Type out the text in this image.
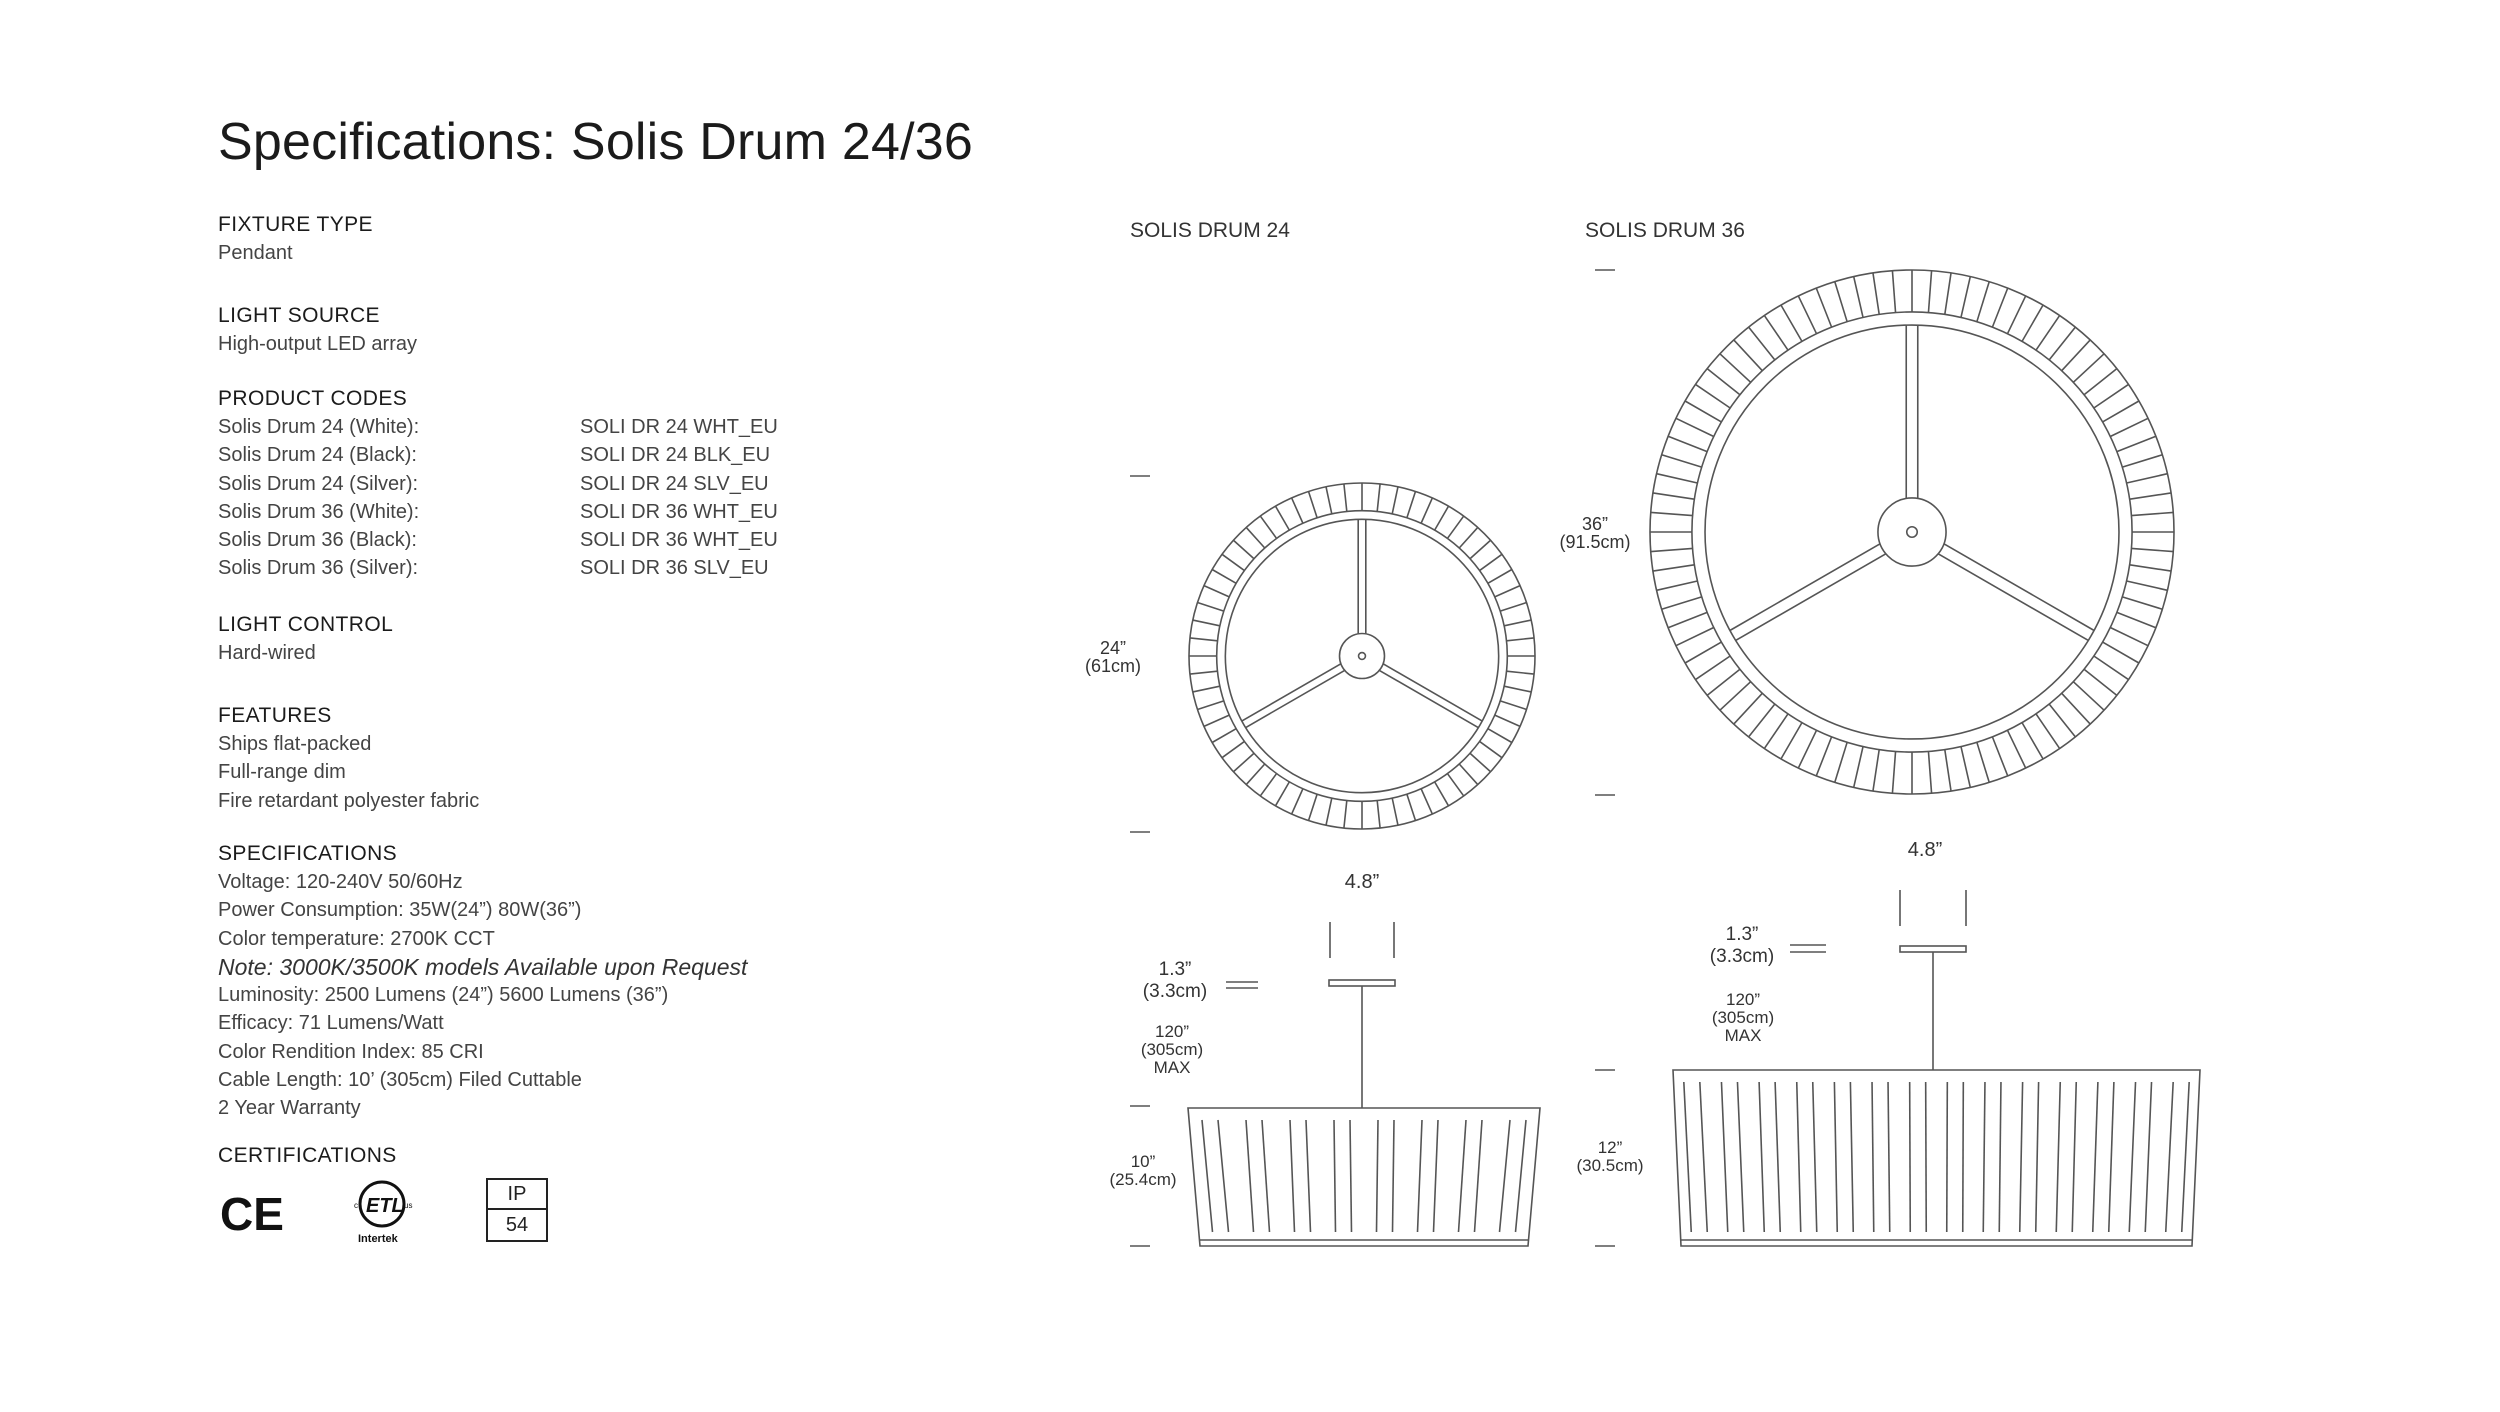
Specifications: Solis Drum 24/36
FIXTURE TYPE
Pendant
LIGHT SOURCE
High-output LED array
PRODUCT CODES
Solis Drum 24 (White):	SOLI DR 24 WHT_EU
Solis Drum 24 (Black):	SOLI DR 24 BLK_EU
Solis Drum 24 (Silver):	SOLI DR 24 SLV_EU
Solis Drum 36 (White):	SOLI DR 36 WHT_EU
Solis Drum 36 (Black):	SOLI DR 36 WHT_EU
Solis Drum 36 (Silver):	SOLI DR 36 SLV_EU
LIGHT CONTROL
Hard-wired
FEATURES
Ships flat-packed
Full-range dim
Fire retardant polyester fabric
SPECIFICATIONS
Voltage: 120-240V 50/60Hz
Power Consumption: 35W(24”) 80W(36”)
Color temperature: 2700K CCT
Note: 3000K/3500K models Available upon Request
Luminosity: 2500 Lumens (24”) 5600 Lumens (36”)
Efficacy: 71 Lumens/Watt
Color Rendition Index: 85 CRI
Cable Length: 10’ (305cm) Filed Cuttable
2 Year Warranty
CERTIFICATIONS
CE	ETL
c	us
Intertek
IP
54
SOLIS DRUM 24
24”
(61cm)
4.8”
1.3”
(3.3cm)
120”
(305cm)
MAX
10”
(25.4cm)
SOLIS DRUM 36
36”
(91.5cm)
4.8”
1.3”
(3.3cm)
120”
(305cm)
MAX
12”
(30.5cm)
